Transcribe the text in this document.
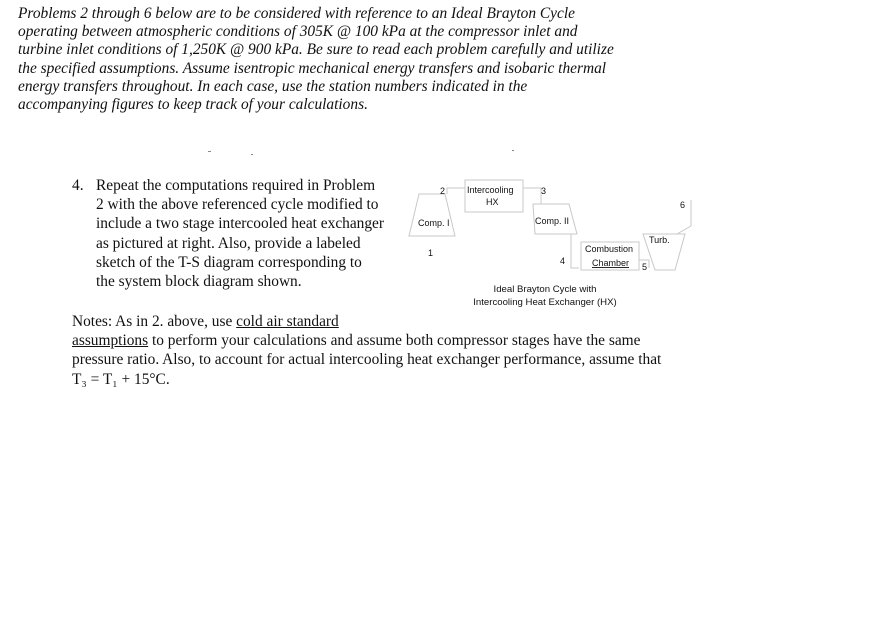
Problems 2 through 6 below are to be considered with reference to an Ideal Brayton Cycle
operating between atmospheric conditions of 305K @ 100 kPa at the compressor inlet and
turbine inlet conditions of 1,250K @ 900 kPa. Be sure to read each problem carefully and utilize
the specified assumptions. Assume isentropic mechanical energy transfers and isobaric thermal
energy transfers throughout. In each case, use the station numbers indicated in the
accompanying figures to keep track of your calculations.
4. Repeat the computations required in Problem
2 with the above referenced cycle modified to
include a two stage intercooled heat exchanger
as pictured at right. Also, provide a labeled
sketch of the T-S diagram corresponding to
the system block diagram shown.
Comp. I
2 Intercooling
HX
3
Comp. II
1
4
Combustion
Chamber 5
Turb.
6
Ideal Brayton Cycle with
Intercooling Heat Exchanger (HX)
Notes: As in 2. above, use cold air standard
assumptions to perform your calculations and assume both compressor stages have the same
pressure ratio. Also, to account for actual intercooling heat exchanger performance, assume that
T₃ = T₁ + 15°C.
